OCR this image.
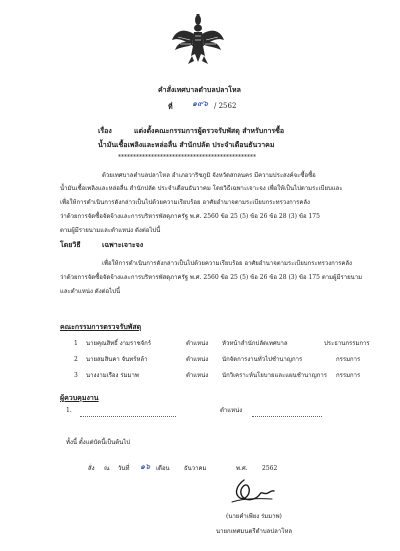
คำสั่งเทศบาลตำบลปลาโหล
ที่ ๑๙๖ / 2562
เรื่อง	แต่งตั้งคณะกรรมการผู้ตรวจรับพัสดุ สำหรับการซื้อ
น้ำมันเชื้อเพลิงและหล่อลื่น สำนักปลัด ประจำเดือนธันวาคม
**********************************************
ด้วยเทศบาลตำบลปลาโหล อำเภอวาริชภูมิ จังหวัดสกลนคร มีความประสงค์จะซื้อซื้อ
น้ำมันเชื้อเพลิงและหล่อลื่น สำนักปลัด ประจำเดือนธันวาคม โดยวิธีเฉพาะเจาะจง เพื่อให้เป็นไปตามระเบียบและ
เพื่อให้การดำเนินการดังกล่าวเป็นไปด้วยความเรียบร้อย อาศัยอำนาจตามระเบียบกระทรวงการคลัง
ว่าด้วยการจัดซื้อจัดจ้างและการบริหารพัสดุภาครัฐ พ.ศ. 2560 ข้อ 25 (5) ข้อ 26 ข้อ 28 (3) ข้อ 175
ตามผู้มีรายนามและตำแหน่ง ดังต่อไปนี้
โดยวิธี	เฉพาะเจาะจง
เพื่อให้การดำเนินการดังกล่าวเป็นไปด้วยความเรียบร้อย อาศัยอำนาจตามระเบียบกระทรวงการคลัง
ว่าด้วยการจัดซื้อจัดจ้างและการบริหารพัสดุภาครัฐ พ.ศ. 2560 ข้อ 25 (5) ข้อ 26 ข้อ 28 (3) ข้อ 175 ตามผู้มีรายนาม
และตำแหน่ง ดังต่อไปนี้
คณะกรรมการตรวจรับพัสดุ
1 นายคุณสิทธิ์ งามราชจักร์	ตำแหน่ง หัวหน้าสำนักปลัดเทศบาล	ประธานกรรมการ
2 นายสมสินคา จันทร์หล้า	ตำแหน่ง นักจัดการงานทั่วไปชำนาญการ	กรรมการ
3 นางงามเรือง ร่มมาพ	ตำแหน่ง นักวิเคราะห์นโยบายและแผนชำนาญการ กรรมการ
ผู้ควบคุมงาน
1.	ตำแหน่ง
ทั้งนี้ ตั้งแต่บัดนี้เป็นต้นไป
สั่ง ณ วันที่ ๑๖ เดือน ธันวาคม	พ.ศ. 2562
(นายคำเพียง ร่มมาพ)
นายกเทศมนตรีตำบลปลาโหล
